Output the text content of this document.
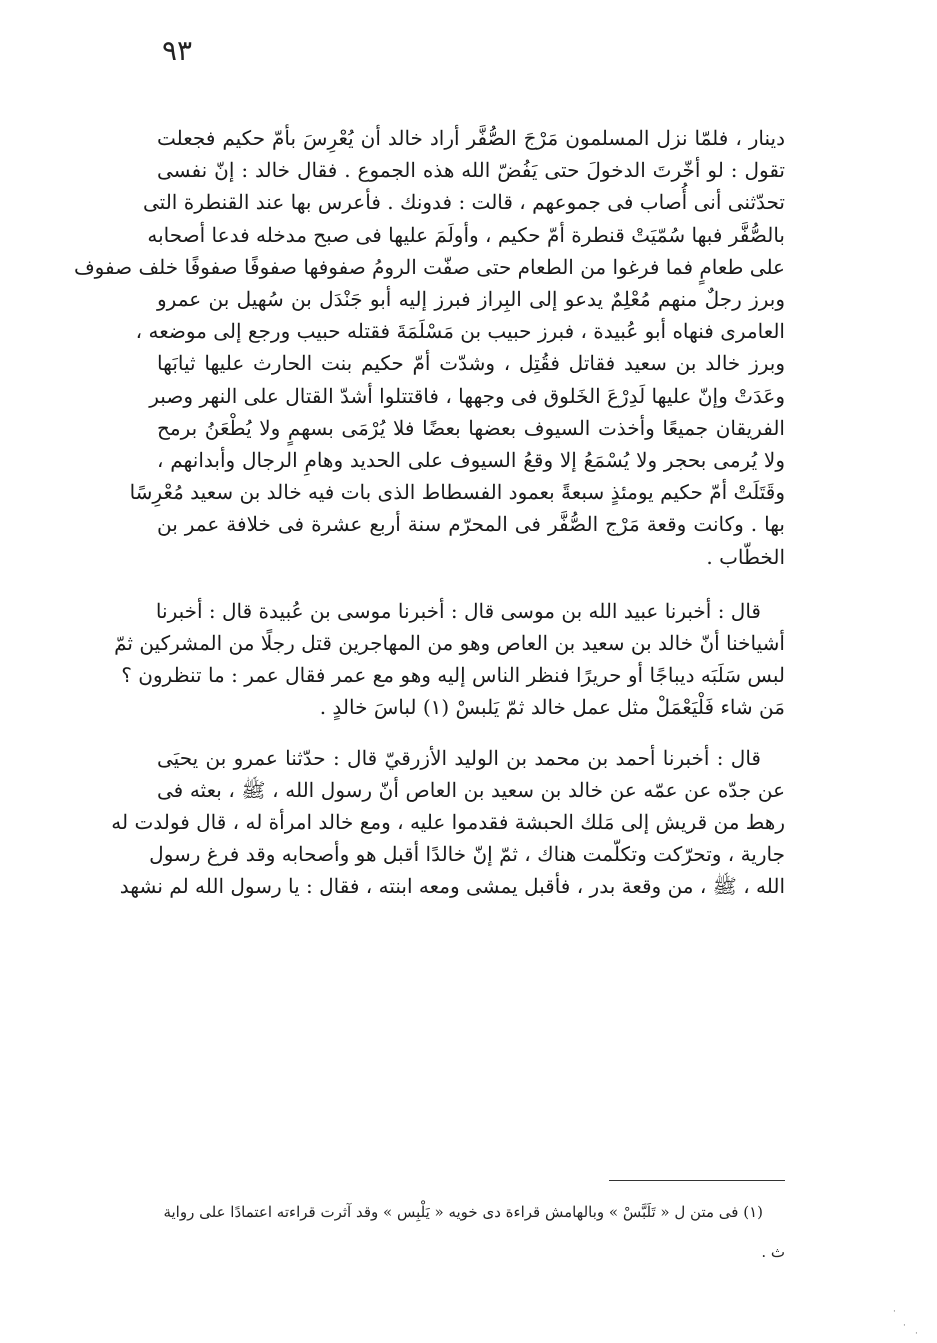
٩٣
دينار ، فلمّا نزل المسلمون مَرْجَ الصُّفَّر أراد خالد أن يُعْرِسَ بأمّ حكيم فجعلت
تقول : لو أخّرتَ الدخولَ حتى يَفُضّ الله هذه الجموع . فقال خالد : إنّ نفسى
تحدّثنى أنى أُصاب فى جموعهم ، قالت : فدونك . فأعرس بها عند القنطرة التى
بالصُّفَّر فبها سُمّيَتْ قنطرة أمّ حكيم ، وأولَمَ عليها فى صبح مدخله فدعا أصحابه
على طعامٍ فما فرغوا من الطعام حتى صفّت الرومُ صفوفها صفوفًا صفوفًا خلف صفوف
وبرز رجلٌ منهم مُعْلِمٌ يدعو إلى البِراز فبرز إليه أبو جَنْدَل بن سُهيل بن عمرو
العامرى فنهاه أبو عُبيدة ، فبرز حبيب بن مَسْلَمَةَ فقتله حبيب ورجع إلى موضعه ،
وبرز خالد بن سعيد فقاتل فقُتِل ، وشدّت أمّ حكيم بنت الحارث عليها ثيابَها
وعَدَتْ وإنّ عليها لَدِرْعَ الخَلوق فى وجهها ، فاقتتلوا أشدّ القتال على النهر وصبر
الفريقان جميعًا وأخذت السيوف بعضها بعضًا فلا يُرْمَى بسهمٍ ولا يُطْعَنُ برمح
ولا يُرمى بحجر ولا يُسْمَعُ إلا وقعُ السيوف على الحديد وهامِ الرجال وأبدانهم ،
وقَتَلَتْ أمّ حكيم يومئذٍ سبعةً بعمود الفسطاط الذى بات فيه خالد بن سعيد مُعْرِسًا
بها . وكانت وقعة مَرْج الصُّفَّر فى المحرّم سنة أربع عشرة فى خلافة عمر بن
الخطّاب .
قال : أخبرنا عبيد الله بن موسى قال : أخبرنا موسى بن عُبيدة قال : أخبرنا
أشياخنا أنّ خالد بن سعيد بن العاص وهو من المهاجرين قتل رجلًا من المشركين ثمّ
لبس سَلَبَه ديباجًا أو حريرًا فنظر الناس إليه وهو مع عمر فقال عمر : ما تنظرون ؟
مَن شاء فَلْيَعْمَلْ مثل عمل خالد ثمّ يَلبسْ (١) لباسَ خالدٍ .
قال : أخبرنا أحمد بن محمد بن الوليد الأزرقيّ قال : حدّثنا عمرو بن يحيَى
عن جدّه عن عمّه عن خالد بن سعيد بن العاص أنّ رسول الله ، ﷺ ، بعثه فى
رهط من قريش إلى مَلك الحبشة فقدموا عليه ، ومع خالد امرأة له ، قال فولدت له
جارية ، وتحرّكت وتكلّمت هناك ، ثمّ إنّ خالدًا أقبل هو وأصحابه وقد فرغ رسول
الله ، ﷺ ، من وقعة بدر ، فأقبل يمشى ومعه ابنته ، فقال : يا رسول الله لم نشهد
(١) فى متن ل « تَلَبَّسْ » وبالهامش قراءة دى خويه « يَلْبِس » وقد آثرت قراءته اعتمادًا على رواية
ث .
·
·
·
